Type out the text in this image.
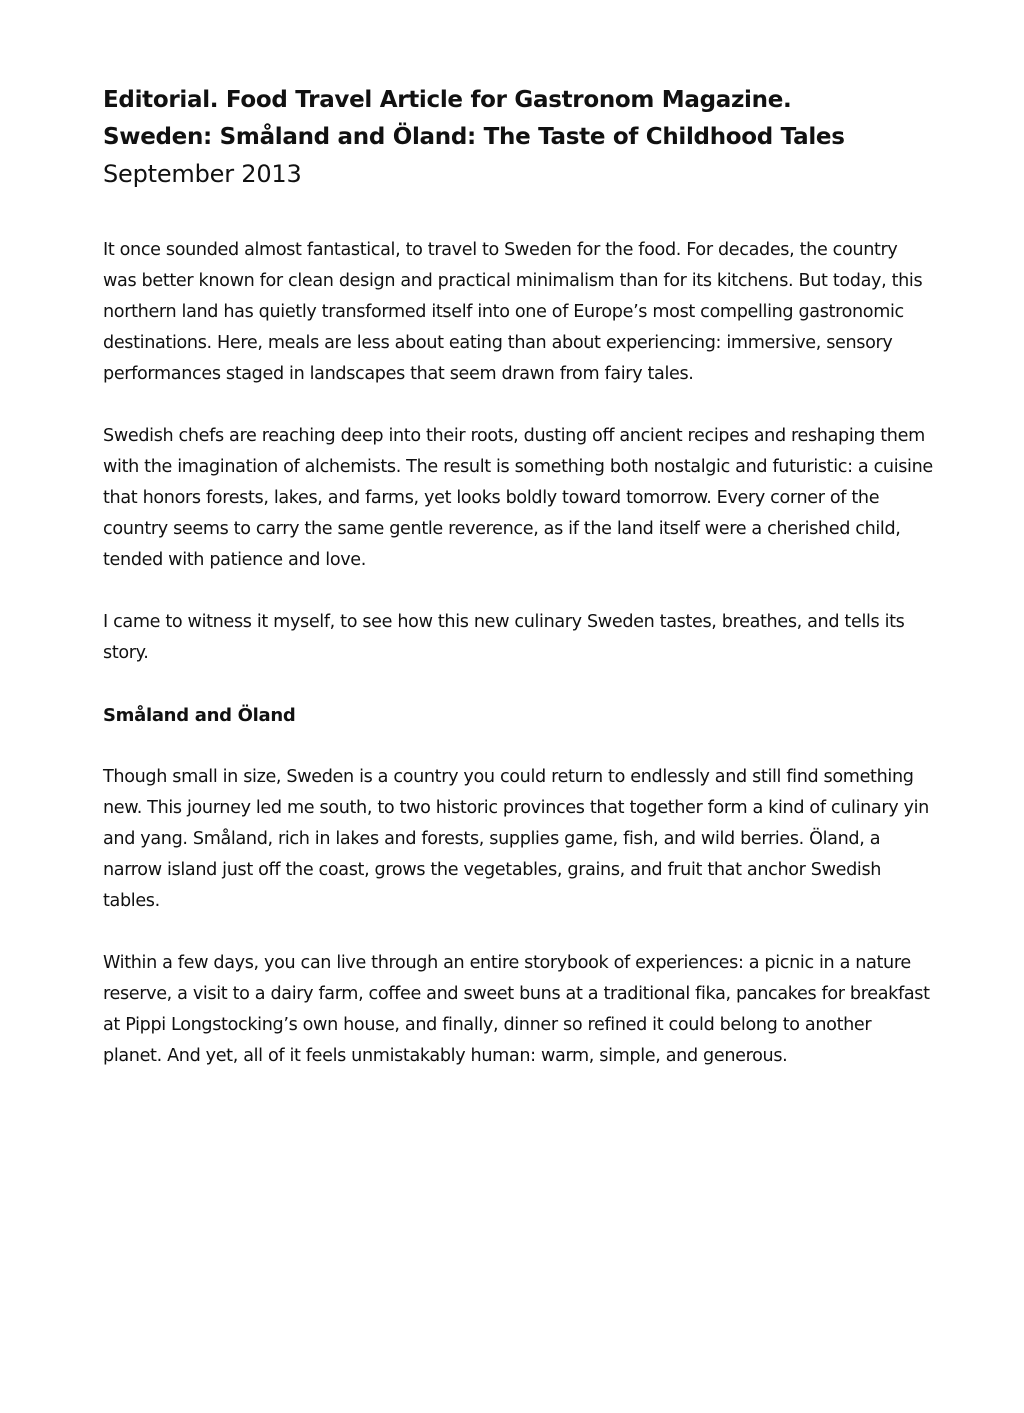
Editorial. Food Travel Article for Gastronom Magazine.

Sweden: Småland and Öland: The Taste of Childhood Tales

September 2013

It once sounded almost fantastical, to travel to Sweden for the food. For decades, the country was better known for clean design and practical minimalism than for its kitchens. But today, this northern land has quietly transformed itself into one of Europe’s most compelling gastronomic destinations. Here, meals are less about eating than about experiencing: immersive, sensory performances staged in landscapes that seem drawn from fairy tales.

Swedish chefs are reaching deep into their roots, dusting off ancient recipes and reshaping them with the imagination of alchemists. The result is something both nostalgic and futuristic: a cuisine that honors forests, lakes, and farms, yet looks boldly toward tomorrow. Every corner of the country seems to carry the same gentle reverence, as if the land itself were a cherished child, tended with patience and love.

I came to witness it myself, to see how this new culinary Sweden tastes, breathes, and tells its story.

Småland and Öland

Though small in size, Sweden is a country you could return to endlessly and still find something new. This journey led me south, to two historic provinces that together form a kind of culinary yin and yang. Småland, rich in lakes and forests, supplies game, fish, and wild berries. Öland, a narrow island just off the coast, grows the vegetables, grains, and fruit that anchor Swedish tables.

Within a few days, you can live through an entire storybook of experiences: a picnic in a nature reserve, a visit to a dairy farm, coffee and sweet buns at a traditional fika, pancakes for breakfast at Pippi Longstocking’s own house, and finally, dinner so refined it could belong to another planet. And yet, all of it feels unmistakably human: warm, simple, and generous.
